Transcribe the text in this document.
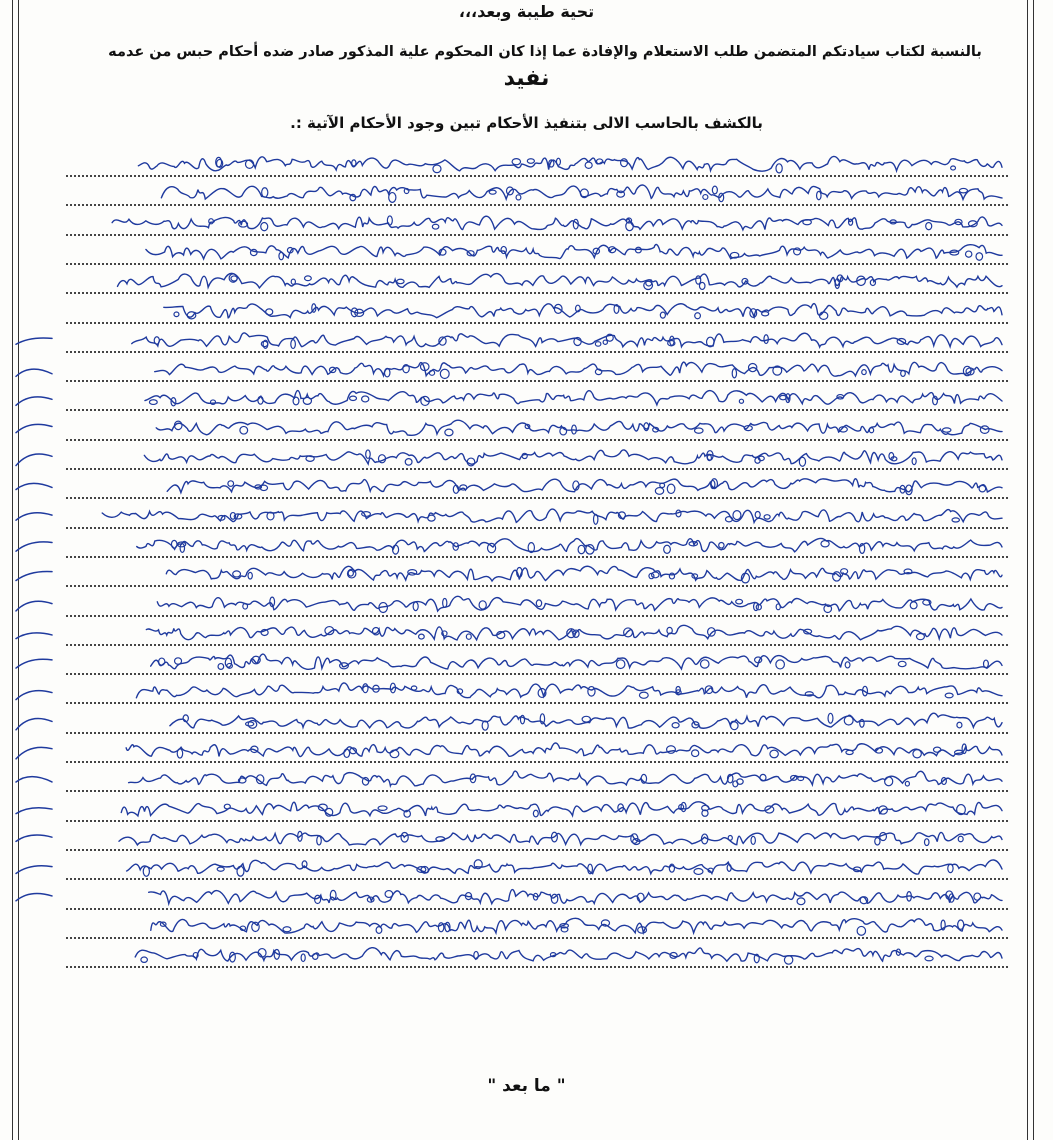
تحية طيبة وبعد،،،
بالنسبة لكتاب سيادتكم المتضمن طلب الاستعلام والإفادة عما إذا كان المحكوم علية المذكور صادر ضده أحكام حبس من عدمه
نفيد
بالكشف بالحاسب الالى بتنفيذ الأحكام تبين وجود الأحكام الآتية :.
" ما بعد "
